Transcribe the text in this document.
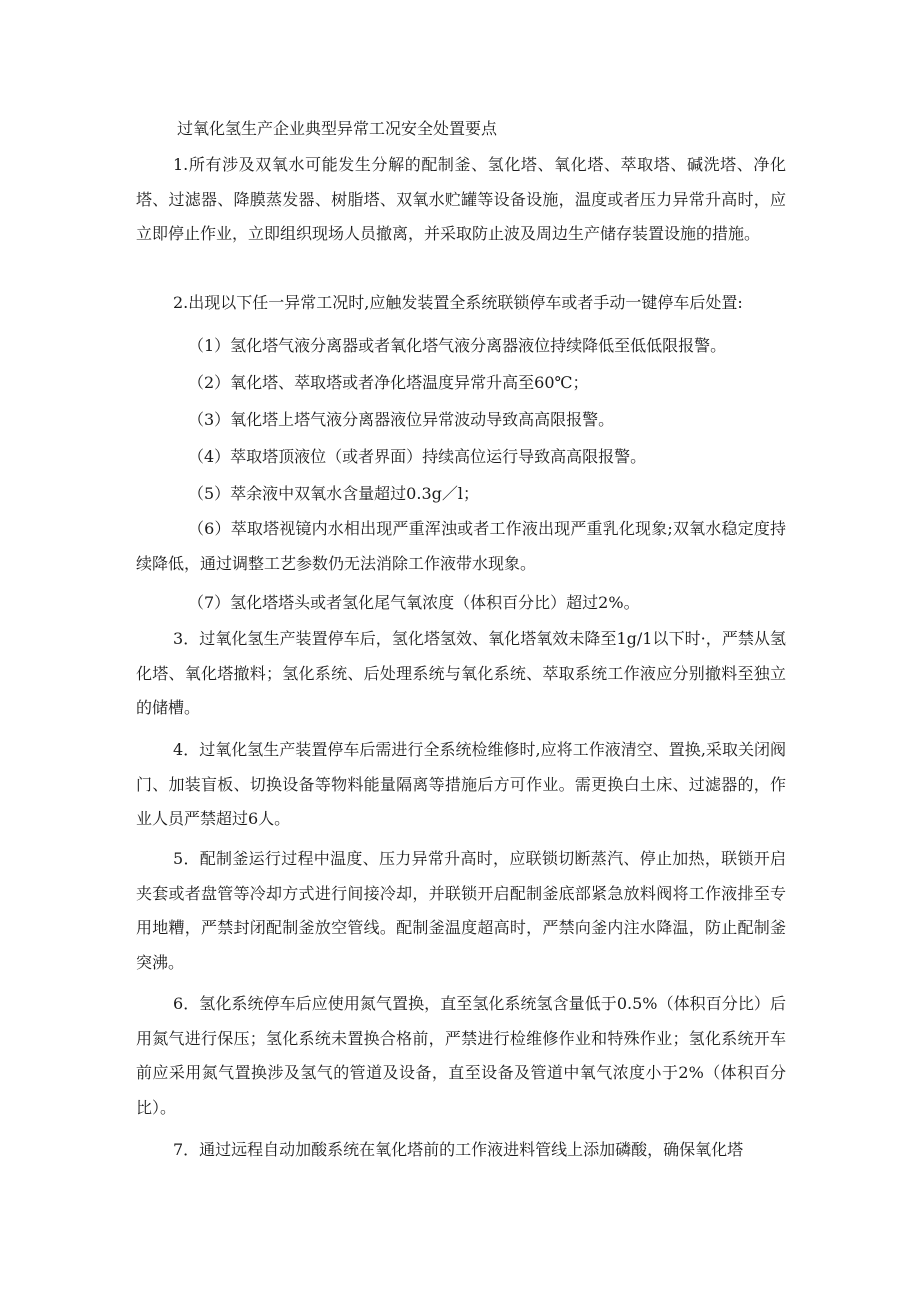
过氧化氢生产企业典型异常工况安全处置要点
1.所有涉及双氧水可能发生分解的配制釜、氢化塔、氧化塔、萃取塔、碱洗塔、净化塔、过滤器、降膜蒸发器、树脂塔、双氧水贮罐等设备设施，温度或者压力异常升高时，应立即停止作业，立即组织现场人员撤离，并采取防止波及周边生产储存装置设施的措施。
2.出现以下任一异常工况时,应触发装置全系统联锁停车或者手动一键停车后处置:
（1）氢化塔气液分离器或者氧化塔气液分离器液位持续降低至低低限报警。
（2）氧化塔、萃取塔或者净化塔温度异常升高至60℃；
（3）氧化塔上塔气液分离器液位异常波动导致高高限报警。
（4）萃取塔顶液位（或者界面）持续高位运行导致高高限报警。
（5）萃余液中双氧水含量超过0.3g／l；
（6）萃取塔视镜内水相出现严重浑浊或者工作液出现严重乳化现象;双氧水稳定度持续降低，通过调整工艺参数仍无法消除工作液带水现象。
（7）氢化塔塔头或者氢化尾气氧浓度（体积百分比）超过2%。
3．过氧化氢生产装置停车后，氢化塔氢效、氧化塔氧效未降至1g/1以下时·，严禁从氢化塔、氧化塔撤料；氢化系统、后处理系统与氧化系统、萃取系统工作液应分别撤料至独立的储槽。
4．过氧化氢生产装置停车后需进行全系统检维修时,应将工作液清空、置换,采取关闭阀门、加装盲板、切换设备等物料能量隔离等措施后方可作业。需更换白土床、过滤器的，作业人员严禁超过6人。
5．配制釜运行过程中温度、压力异常升高时，应联锁切断蒸汽、停止加热，联锁开启夹套或者盘管等冷却方式进行间接冷却，并联锁开启配制釜底部紧急放料阀将工作液排至专用地糟，严禁封闭配制釜放空管线。配制釜温度超高时，严禁向釜内注水降温，防止配制釜突沸。
6．氢化系统停车后应使用氮气置换，直至氢化系统氢含量低于0.5%（体积百分比）后用氮气进行保压；氢化系统未置换合格前，严禁进行检维修作业和特殊作业；氢化系统开车前应采用氮气置换涉及氢气的管道及设备，直至设备及管道中氧气浓度小于2%（体积百分比）。
7．通过远程自动加酸系统在氧化塔前的工作液进料管线上添加磷酸，确保氧化塔
